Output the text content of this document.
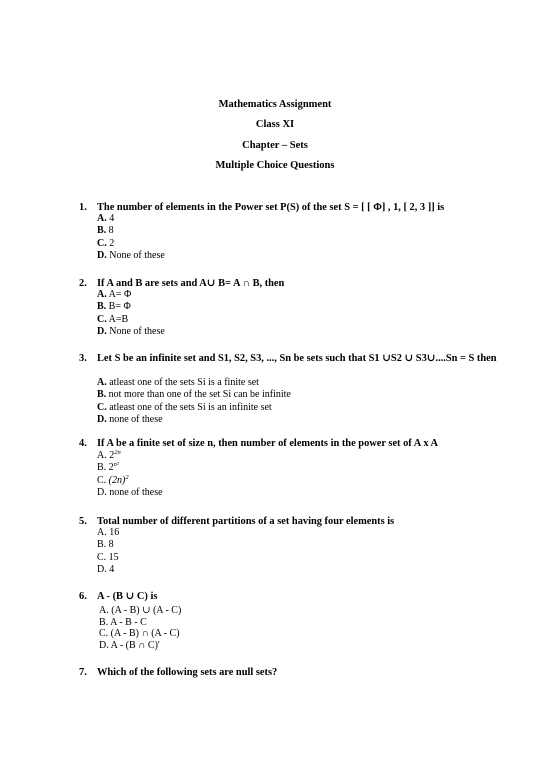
Mathematics Assignment
Class XI
Chapter – Sets
Multiple Choice Questions
1. The number of elements in the Power set P(S) of the set S = [ [ Φ] , 1, [ 2, 3 ]] is
A. 4
B. 8
C. 2
D. None of these
2. If A and B are sets and A∪ B= A ∩ B, then
A. A= Φ
B. B= Φ
C. A=B
D. None of these
3. Let S be an infinite set and S1, S2, S3, ..., Sn be sets such that S1 ∪S2 ∪ S3∪....Sn = S then
A. atleast one of the sets Si is a finite set
B. not more than one of the set Si can be infinite
C. atleast one of the sets Si is an infinite set
D. none of these
4. If A be a finite set of size n, then number of elements in the power set of A x A
A. $2^{2n}$
B. $2^{n^2}$
C. $(2n)^2$
D. none of these
5. Total number of different partitions of a set having four elements is
A. 16
B. 8
C. 15
D. 4
6. A - (B ∪ C) is
A. (A - B) ∪ (A - C)
B. A - B - C
C. (A - B) ∩ (A - C)
D. A - (B ∩ C)'
7. Which of the following sets are null sets?
